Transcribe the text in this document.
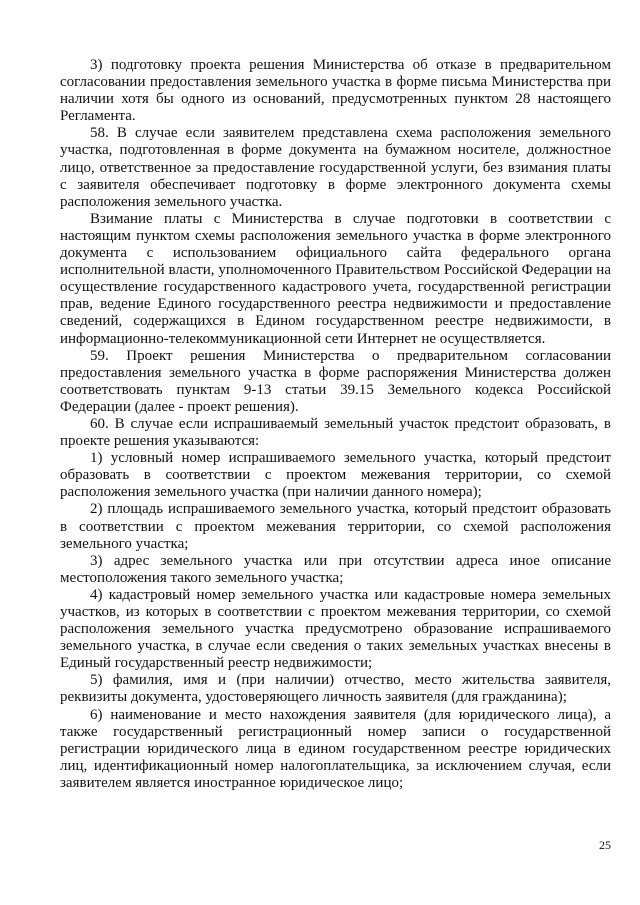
3) подготовку проекта решения Министерства об отказе в предварительном согласовании предоставления земельного участка в форме письма Министерства при наличии хотя бы одного из оснований, предусмотренных пунктом 28 настоящего Регламента.

58. В случае если заявителем представлена схема расположения земельного участка, подготовленная в форме документа на бумажном носителе, должностное лицо, ответственное за предоставление государственной услуги, без взимания платы с заявителя обеспечивает подготовку в форме электронного документа схемы расположения земельного участка.

Взимание платы с Министерства в случае подготовки в соответствии с настоящим пунктом схемы расположения земельного участка в форме электронного документа с использованием официального сайта федерального органа исполнительной власти, уполномоченного Правительством Российской Федерации на осуществление государственного кадастрового учета, государственной регистрации прав, ведение Единого государственного реестра недвижимости и предоставление сведений, содержащихся в Едином государственном реестре недвижимости, в информационно-телекоммуникационной сети Интернет не осуществляется.

59. Проект решения Министерства о предварительном согласовании предоставления земельного участка в форме распоряжения Министерства должен соответствовать пунктам 9-13 статьи 39.15 Земельного кодекса Российской Федерации (далее - проект решения).

60. В случае если испрашиваемый земельный участок предстоит образовать, в проекте решения указываются:

1) условный номер испрашиваемого земельного участка, который предстоит образовать в соответствии с проектом межевания территории, со схемой расположения земельного участка (при наличии данного номера);

2) площадь испрашиваемого земельного участка, который предстоит образовать в соответствии с проектом межевания территории, со схемой расположения земельного участка;

3) адрес земельного участка или при отсутствии адреса иное описание местоположения такого земельного участка;

4) кадастровый номер земельного участка или кадастровые номера земельных участков, из которых в соответствии с проектом межевания территории, со схемой расположения земельного участка предусмотрено образование испрашиваемого земельного участка, в случае если сведения о таких земельных участках внесены в Единый государственный реестр недвижимости;

5) фамилия, имя и (при наличии) отчество, место жительства заявителя, реквизиты документа, удостоверяющего личность заявителя (для гражданина);

6) наименование и место нахождения заявителя (для юридического лица), а также государственный регистрационный номер записи о государственной регистрации юридического лица в едином государственном реестре юридических лиц, идентификационный номер налогоплательщика, за исключением случая, если заявителем является иностранное юридическое лицо;

25
